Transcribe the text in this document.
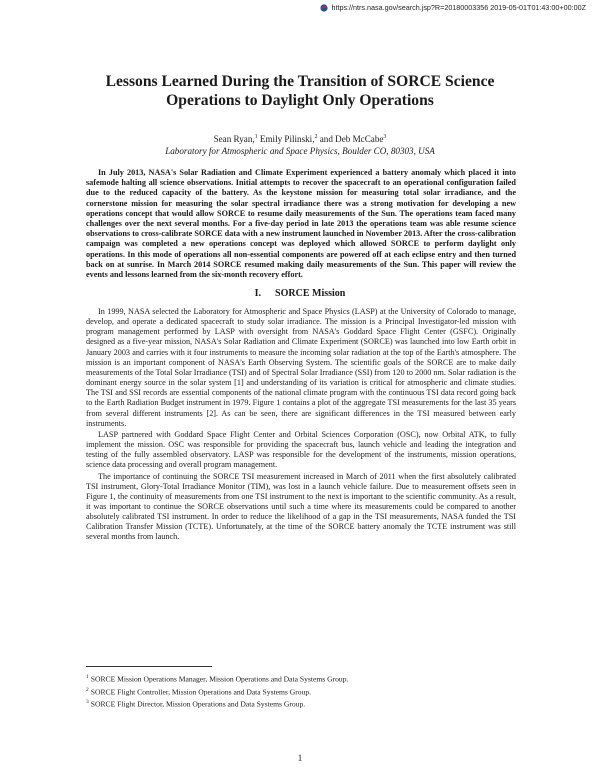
https://ntrs.nasa.gov/search.jsp?R=20180003356 2019-05-01T01:43:00+00:00Z
Lessons Learned During the Transition of SORCE Science
Operations to Daylight Only Operations
Sean Ryan,$^1$ Emily Pilinski,$^2$ and Deb McCabe$^3$
Laboratory for Atmospheric and Space Physics, Boulder CO, 80303, USA

In July 2013, NASA's Solar Radiation and Climate Experiment experienced a battery anomaly which placed it into safemode halting all science observations. Initial attempts to recover the spacecraft to an operational configuration failed due to the reduced capacity of the battery. As the keystone mission for measuring total solar irradiance, and the cornerstone mission for measuring the solar spectral irradiance there was a strong motivation for developing a new operations concept that would allow SORCE to resume daily measurements of the Sun. The operations team faced many challenges over the next several months. For a five-day period in late 2013 the operations team was able resume science observations to cross-calibrate SORCE data with a new instrument launched in November 2013. After the cross-calibration campaign was completed a new operations concept was deployed which allowed SORCE to perform daylight only operations. In this mode of operations all non-essential components are powered off at each eclipse entry and then turned back on at sunrise. In March 2014 SORCE resumed making daily measurements of the Sun. This paper will review the events and lessons learned from the six-month recovery effort.

I. SORCE Mission

In 1999, NASA selected the Laboratory for Atmospheric and Space Physics (LASP) at the University of Colorado to manage, develop, and operate a dedicated spacecraft to study solar irradiance. The mission is a Principal Investigator-led mission with program management performed by LASP with oversight from NASA's Goddard Space Flight Center (GSFC). Originally designed as a five-year mission, NASA's Solar Radiation and Climate Experiment (SORCE) was launched into low Earth orbit in January 2003 and carries with it four instruments to measure the incoming solar radiation at the top of the Earth's atmosphere. The mission is an important component of NASA's Earth Observing System. The scientific goals of the SORCE are to make daily measurements of the Total Solar Irradiance (TSI) and of Spectral Solar Irradiance (SSI) from 120 to 2000 nm. Solar radiation is the dominant energy source in the solar system [1] and understanding of its variation is critical for atmospheric and climate studies. The TSI and SSI records are essential components of the national climate program with the continuous TSI data record going back to the Earth Radiation Budget instrument in 1979. Figure 1 contains a plot of the aggregate TSI measurements for the last 35 years from several different instruments [2]. As can be seen, there are significant differences in the TSI measured between early instruments.

LASP partnered with Goddard Space Flight Center and Orbital Sciences Corporation (OSC), now Orbital ATK, to fully implement the mission. OSC was responsible for providing the spacecraft bus, launch vehicle and leading the integration and testing of the fully assembled observatory. LASP was responsible for the development of the instruments, mission operations, science data processing and overall program management.

The importance of continuing the SORCE TSI measurement increased in March of 2011 when the first absolutely calibrated TSI instrument, Glory-Total Irradiance Monitor (TIM), was lost in a launch vehicle failure. Due to measurement offsets seen in Figure 1, the continuity of measurements from one TSI instrument to the next is important to the scientific community. As a result, it was important to continue the SORCE observations until such a time where its measurements could be compared to another absolutely calibrated TSI instrument. In order to reduce the likelihood of a gap in the TSI measurements, NASA funded the TSI Calibration Transfer Mission (TCTE). Unfortunately, at the time of the SORCE battery anomaly the TCTE instrument was still several months from launch.

$^1$ SORCE Mission Operations Manager, Mission Operations and Data Systems Group.
$^2$ SORCE Flight Controller, Mission Operations and Data Systems Group.
$^3$ SORCE Flight Director, Mission Operations and Data Systems Group.
1
